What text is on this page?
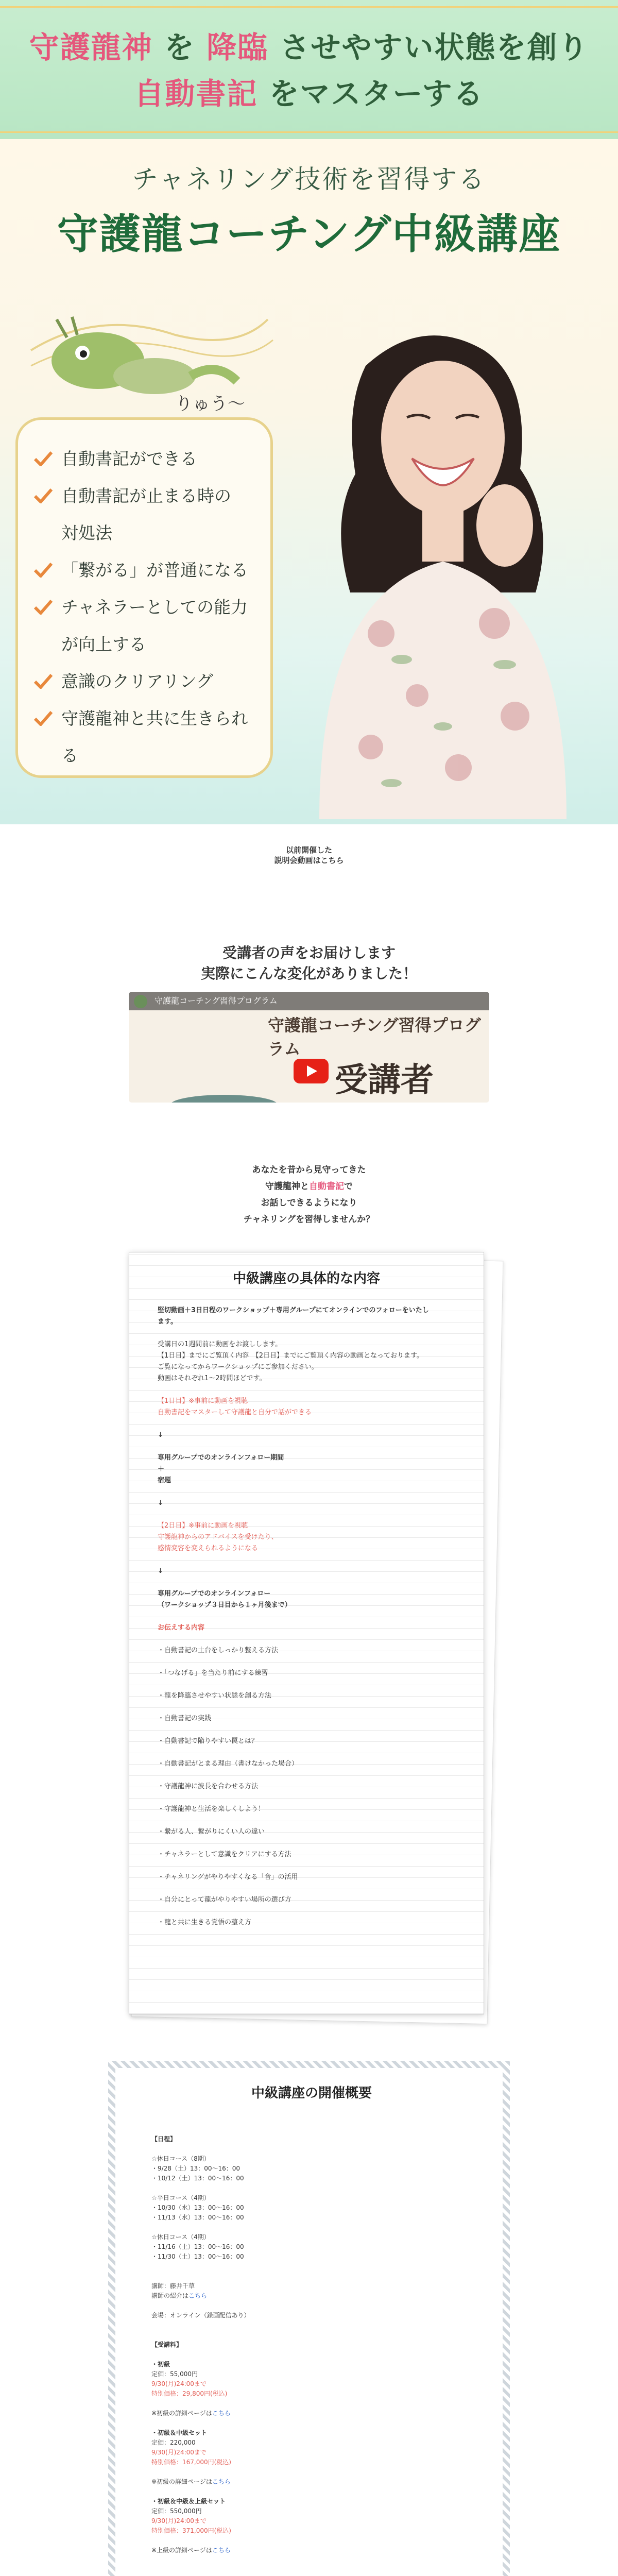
守護龍神 を 降臨 させやすい状態を創り
自動書記 をマスターする
チャネリング技術を習得する
守護龍コーチング中級講座
りゅう〜
自動書記ができる
自動書記が止まる時の
対処法
「繋がる」が普通になる
チャネラーとしての能力
が向上する
意識のクリアリング
守護龍神と共に生きられる
以前開催した
説明会動画はこちら
受講者の声をお届けします
実際にこんな変化がありました！
守護龍コーチング習得プログラム
守護龍コーチング習得プログラム
受講者
あなたを昔から見守ってきた
守護龍神と自動書記で
お話しできるようになり
チャネリングを習得しませんか？
中級講座の具体的な内容

堅切動画＋3日日程のワークショップ＋専用グループにてオンラインでのフォローをいたし

ます。

受講日の1週間前に動画をお渡しします。

【1日目】までにご覧頂く内容　【2日目】までにご覧頂く内容の動画となっております。

ご覧になってからワークショップにご参加ください。

動画はそれぞれ1〜2時間ほどです。

【1日目】※事前に動画を視聴

自動書記をマスターして守護龍と自分で話ができる

↓

専用グループでのオンラインフォロー期間

＋

宿題

↓

【2日目】※事前に動画を視聴

守護龍神からのアドバイスを受けたり、

感情変容を変えられるようになる

↓

専用グループでのオンラインフォロー

（ワークショップ３日目から１ヶ月後まで）

お伝えする内容

・自動書記の土台をしっかり整える方法

・「つなげる」を当たり前にする練習

・龍を降臨させやすい状態を創る方法

・自動書記の実践

・自動書記で陥りやすい罠とは？

・自動書記がとまる理由（書けなかった場合）

・守護龍神に波長を合わせる方法

・守護龍神と生活を楽しくしよう！

・繋がる人、繋がりにくい人の違い

・チャネラーとして意識をクリアにする方法

・チャネリングがやりやすくなる「音」の活用

・自分にとって龍がやりやすい場所の選び方

・龍と共に生きる覚悟の整え方

中級講座の開催概要

【日程】

☆休日コース（8期）

・9/28（土）13：00〜16：00

・10/12（土）13：00〜16：00

☆平日コース（4期）

・10/30（水）13：00〜16：00

・11/13（水）13：00〜16：00

☆休日コース（4期）

・11/16（土）13：00〜16：00

・11/30（土）13：00〜16：00

講師：藤井千草

講師の紹介はこちら

会場：オンライン（録画配信あり）

【受講料】

・初級

定価：55,000円

9/30(月)24:00まで

特別価格：29,800円(税込)

※初級の詳細ページはこちら

・初級＆中級セット

定価：220,000

9/30(月)24:00まで

特別価格：167,000円(税込)

※初級の詳細ページはこちら

・初級＆中級＆上級セット

定価：550,000円

9/30(月)24:00まで

特別価格：371,000円(税込)

※上級の詳細ページはこちら
